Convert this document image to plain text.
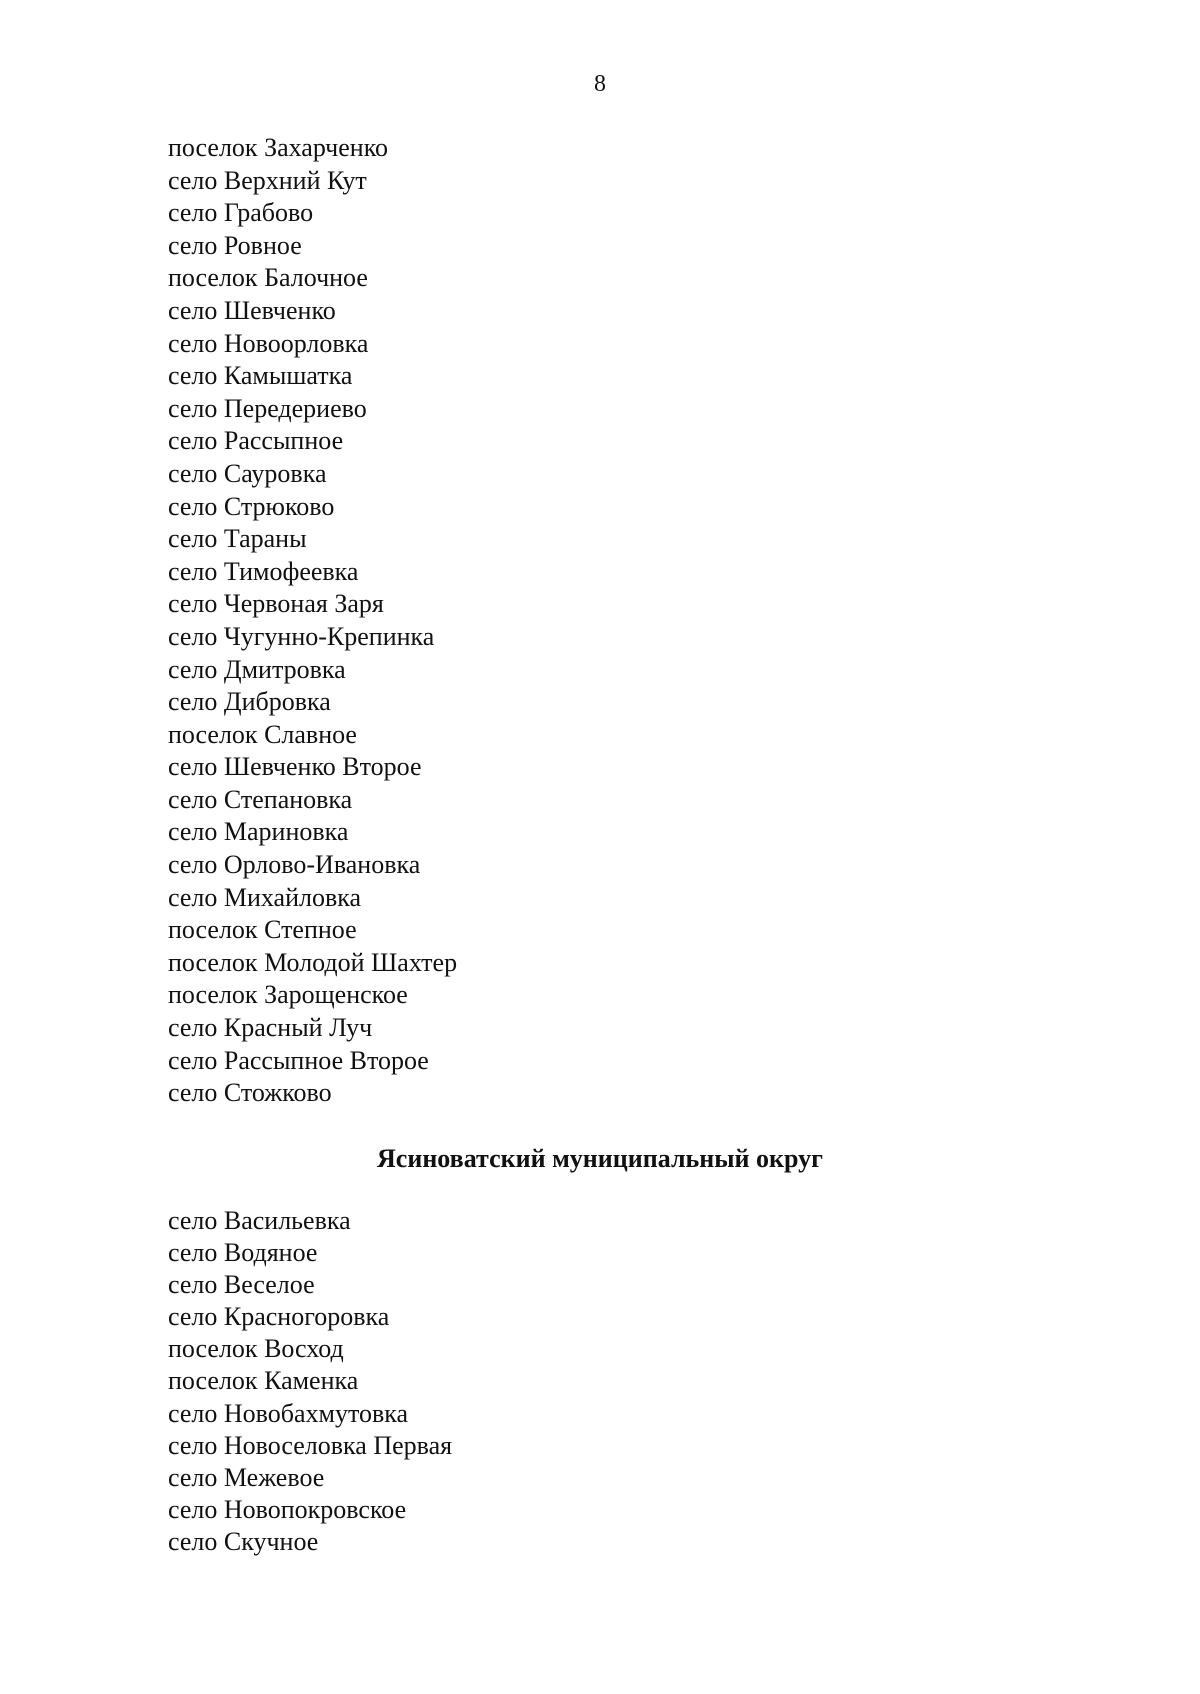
8
поселок Захарченко
село Верхний Кут
село Грабово
село Ровное
поселок Балочное
село Шевченко
село Новоорловка
село Камышатка
село Передериево
село Рассыпное
село Сауровка
село Стрюково
село Тараны
село Тимофеевка
село Червоная Заря
село Чугунно-Крепинка
село Дмитровка
село Дибровка
поселок Славное
село Шевченко Второе
село Степановка
село Мариновка
село Орлово-Ивановка
село Михайловка
поселок Степное
поселок Молодой Шахтер
поселок Зарощенское
село Красный Луч
село Рассыпное Второе
село Стожково
Ясиноватский муниципальный округ
село Васильевка
село Водяное
село Веселое
село Красногоровка
поселок Восход
поселок Каменка
село Новобахмутовка
село Новоселовка Первая
село Межевое
село Новопокровское
село Скучное
